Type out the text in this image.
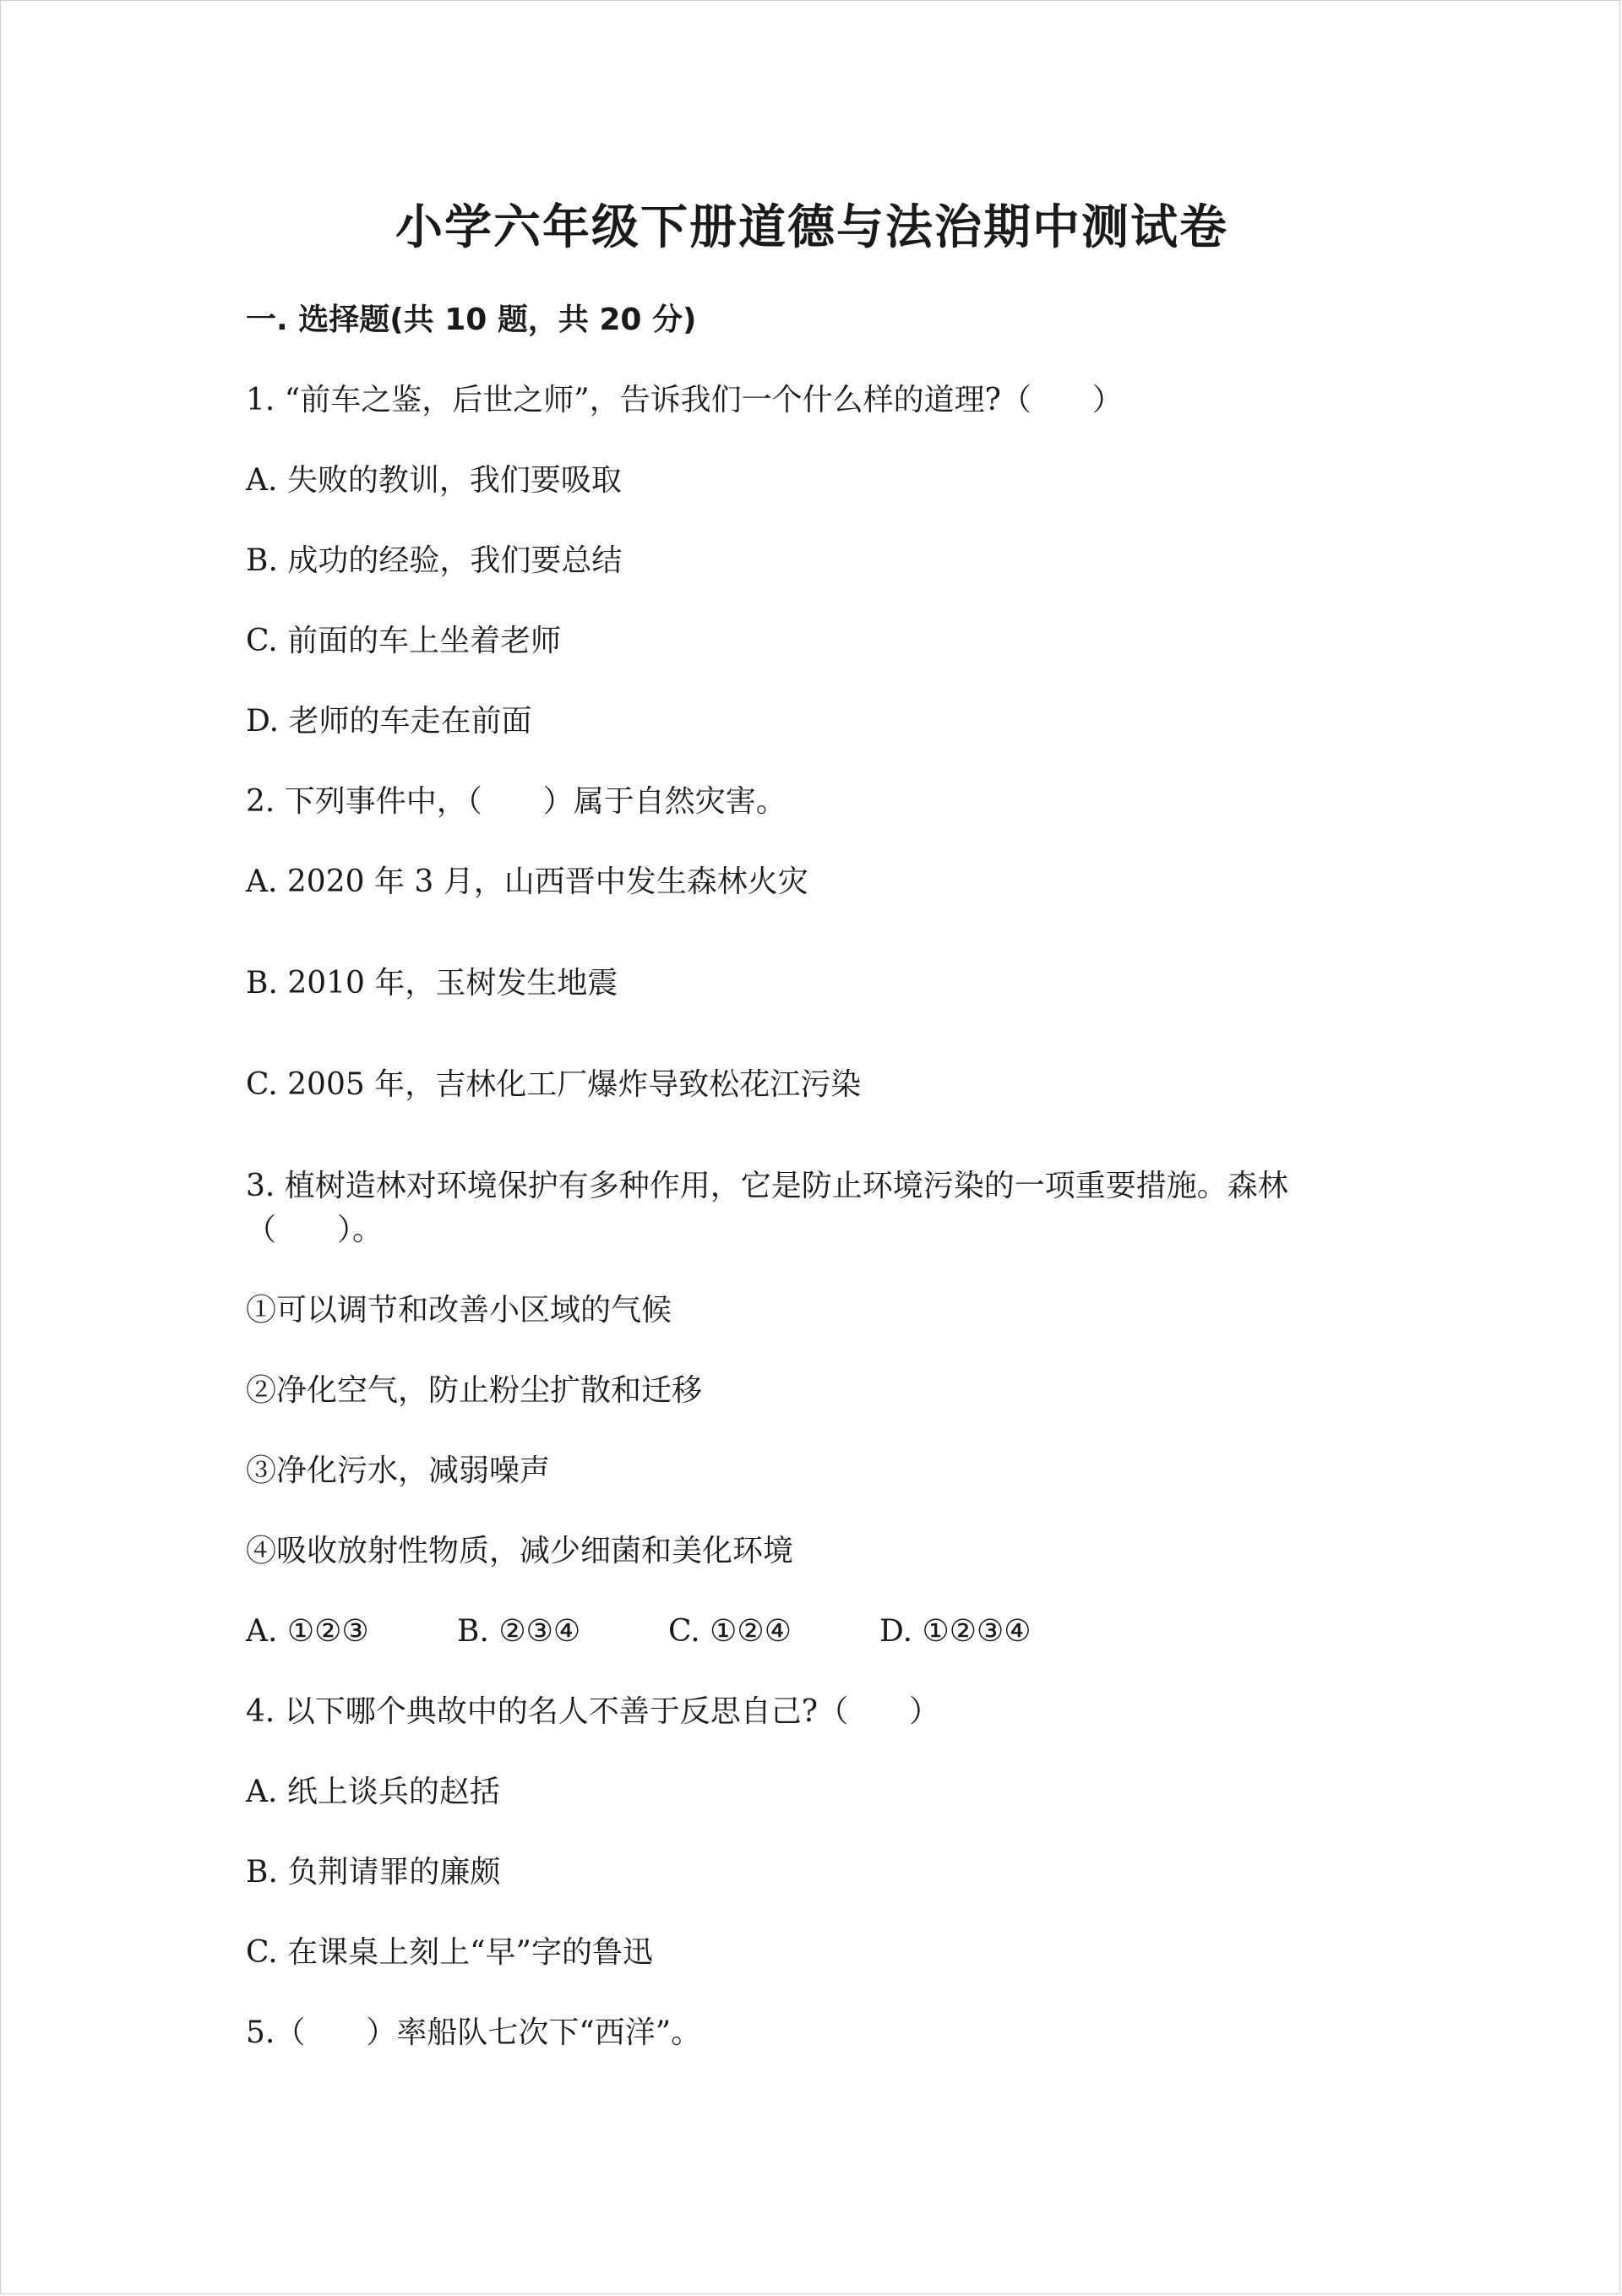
小学六年级下册道德与法治期中测试卷
一. 选择题(共 10 题，共 20 分)
1. “前车之鉴，后世之师”，告诉我们一个什么样的道理?（　　）
A. 失败的教训，我们要吸取
B. 成功的经验，我们要总结
C. 前面的车上坐着老师
D. 老师的车走在前面
2. 下列事件中，（　　）属于自然灾害。
A. 2020 年 3 月，山西晋中发生森林火灾
B. 2010 年，玉树发生地震
C. 2005 年，吉林化工厂爆炸导致松花江污染
3. 植树造林对环境保护有多种作用，它是防止环境污染的一项重要措施。森林
（　　）。
①可以调节和改善小区域的气候
②净化空气，防止粉尘扩散和迁移
③净化污水，减弱噪声
④吸收放射性物质，减少细菌和美化环境
A. ①②③	B. ②③④	C. ①②④	D. ①②③④
4. 以下哪个典故中的名人不善于反思自己?（　　）
A. 纸上谈兵的赵括
B. 负荆请罪的廉颇
C. 在课桌上刻上“早”字的鲁迅
5.（　　）率船队七次下“西洋”。
